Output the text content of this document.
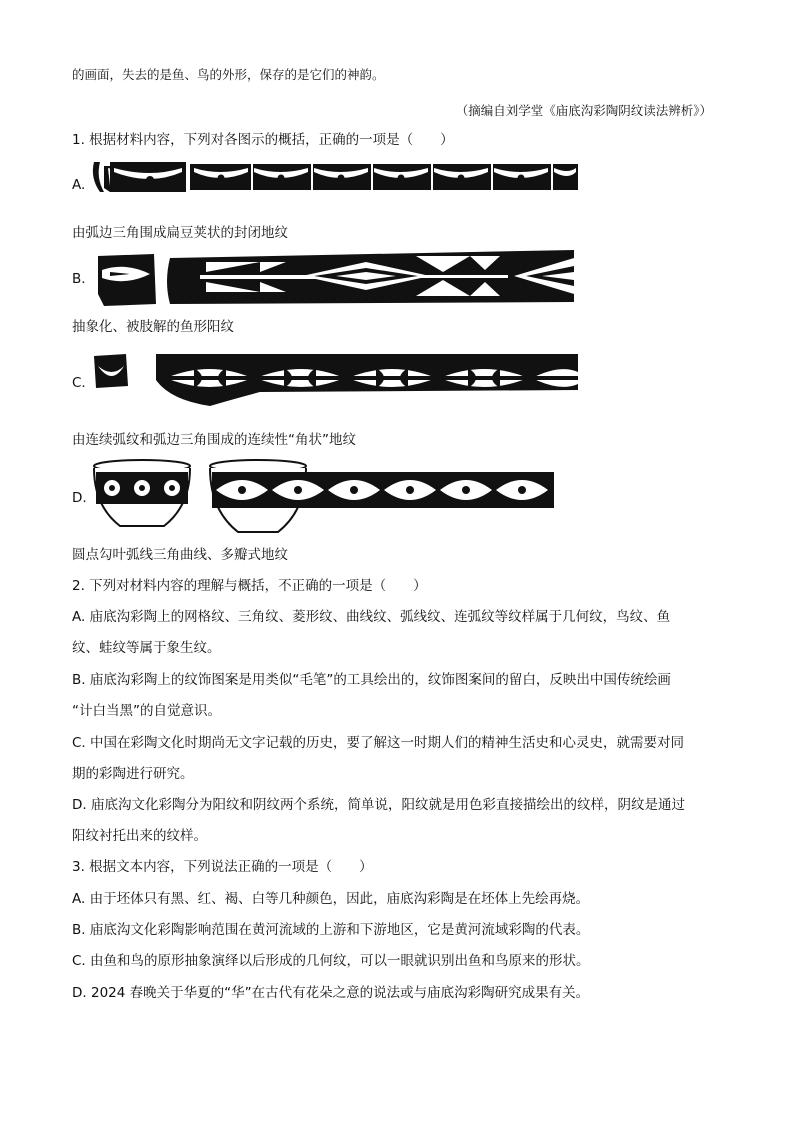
的画面，失去的是鱼、鸟的外形，保存的是它们的神韵。
（摘编自刘学堂《庙底沟彩陶阴纹读法辨析》）
1. 根据材料内容，下列对各图示的概括，正确的一项是（　　）
A.
由弧边三角围成扁豆荚状的封闭地纹
B.
抽象化、被肢解的鱼形阳纹
C.
由连续弧纹和弧边三角围成的连续性“角状”地纹
D.
圆点勾叶弧线三角曲线、多瓣式地纹
2. 下列对材料内容的理解与概括，不正确的一项是（　　）
A. 庙底沟彩陶上的网格纹、三角纹、菱形纹、曲线纹、弧线纹、连弧纹等纹样属于几何纹，鸟纹、鱼
纹、蛙纹等属于象生纹。
B. 庙底沟彩陶上的纹饰图案是用类似“毛笔”的工具绘出的，纹饰图案间的留白，反映出中国传统绘画
“计白当黑”的自觉意识。
C. 中国在彩陶文化时期尚无文字记载的历史，要了解这一时期人们的精神生活史和心灵史，就需要对同
期的彩陶进行研究。
D. 庙底沟文化彩陶分为阳纹和阴纹两个系统，简单说，阳纹就是用色彩直接描绘出的纹样，阴纹是通过
阳纹衬托出来的纹样。
3. 根据文本内容，下列说法正确的一项是（　　）
A. 由于坯体只有黑、红、褐、白等几种颜色，因此，庙底沟彩陶是在坯体上先绘再烧。
B. 庙底沟文化彩陶影响范围在黄河流域的上游和下游地区，它是黄河流域彩陶的代表。
C. 由鱼和鸟的原形抽象演绎以后形成的几何纹，可以一眼就识别出鱼和鸟原来的形状。
D. 2024 春晚关于华夏的“华”在古代有花朵之意的说法或与庙底沟彩陶研究成果有关。
